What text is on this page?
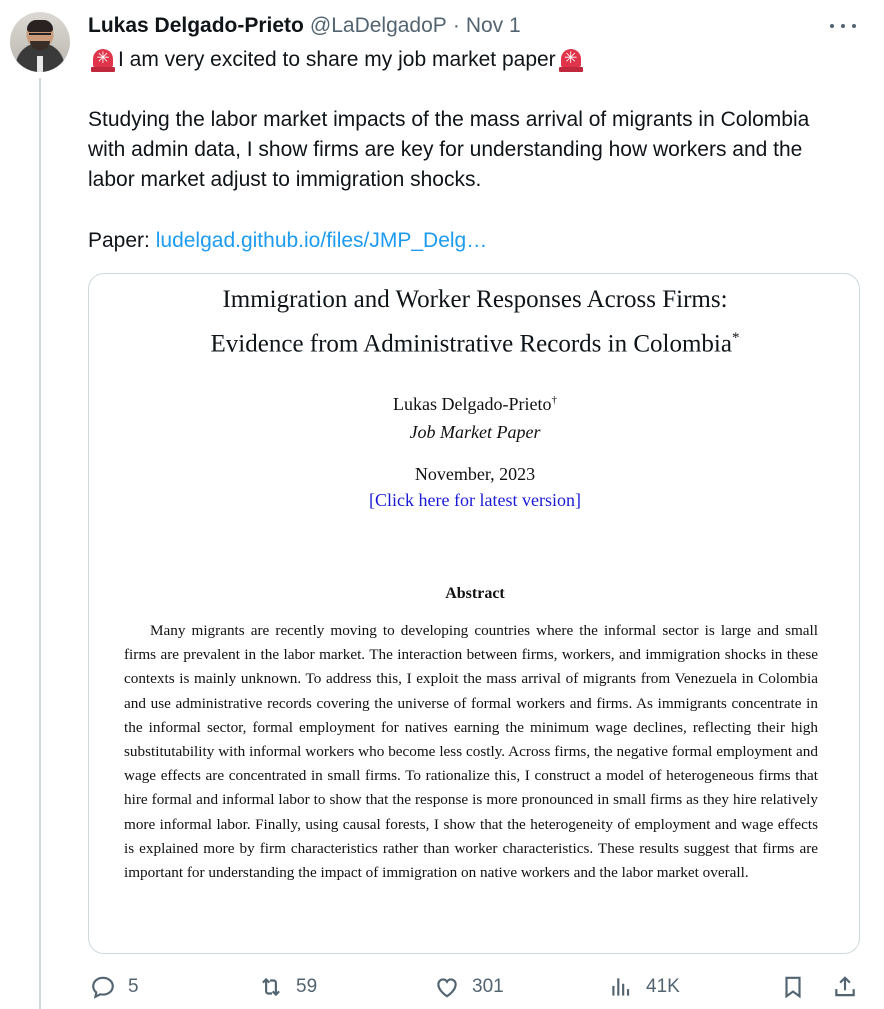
Lukas Delgado-Prieto @LaDelgadoP · Nov 1
✳ I am very excited to share my job market paper ✳
Studying the labor market impacts of the mass arrival of migrants in Colombia with admin data, I show firms are key for understanding how workers and the labor market adjust to immigration shocks.
Paper: ludelgad.github.io/files/JMP_Delg…
Immigration and Worker Responses Across Firms:
Evidence from Administrative Records in Colombia*
Lukas Delgado-Prieto†
Job Market Paper
November, 2023
[Click here for latest version]
Abstract
Many migrants are recently moving to developing countries where the informal sector is large and small firms are prevalent in the labor market. The interaction between firms, workers, and immigration shocks in these contexts is mainly unknown. To address this, I exploit the mass arrival of migrants from Venezuela in Colombia and use administrative records covering the universe of formal workers and firms. As immigrants concentrate in the informal sector, formal employment for natives earning the minimum wage declines, reflecting their high substitutability with informal workers who become less costly. Across firms, the negative formal employment and wage effects are concentrated in small firms. To rationalize this, I construct a model of heterogeneous firms that hire formal and informal labor to show that the response is more pronounced in small firms as they hire relatively more informal labor. Finally, using causal forests, I show that the heterogeneity of employment and wage effects is explained more by firm characteristics rather than worker characteristics. These results suggest that firms are important for understanding the impact of immigration on native workers and the labor market overall.
5	59	301	41K
